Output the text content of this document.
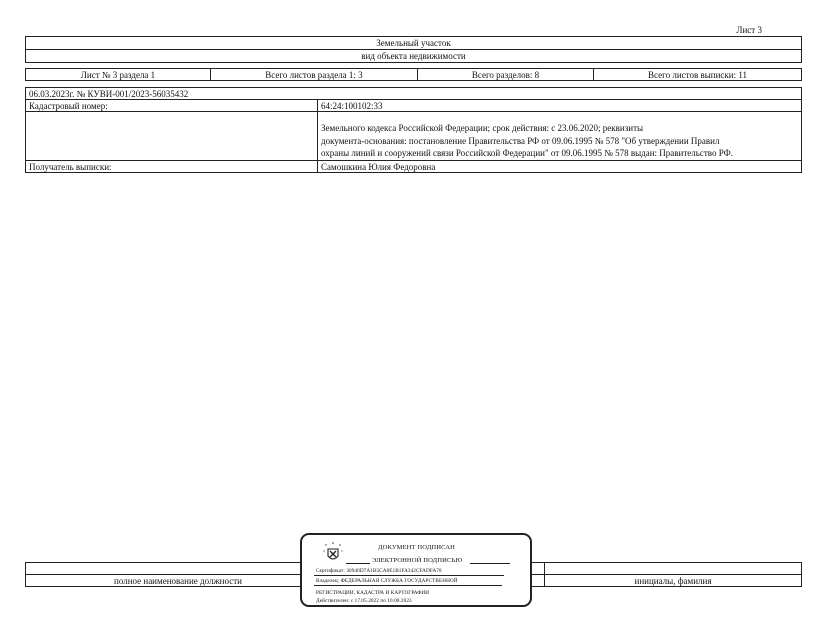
Лист 3
Земельный участок
вид объекта недвижимости
Лист № 3 раздела 1	Всего листов раздела 1: 3	Всего разделов: 8	Всего листов выписки: 11
06.03.2023г. № КУВИ-001/2023-56035432
Кадастровый номер:	64:24:100102:33
Земельного кодекса Российской Федерации; срок действия: с 23.06.2020; реквизиты
документа-основания: постановление Правительства РФ от 09.06.1995 № 578 "Об утверждении Правил
охраны линий и сооружений связи Российской Федерации" от 09.06.1995 № 578 выдан: Правительство РФ.
Получатель выписки:	Самошкина Юлия Федоровна
полное наименование должности	инициалы, фамилия
ДОКУМЕНТ ПОДПИСАН
ЭЛЕКТРОННОЙ ПОДПИСЬЮ
Сертификат: 30940D7A1B5CA8E1B1FA342CFADFA78
Владелец: ФЕДЕРАЛЬНАЯ СЛУЖБА ГОСУДАРСТВЕННОЙ
РЕГИСТРАЦИИ, КАДАСТРА И КАРТОГРАФИИ
Действителен: с 17.05.2022 по 10.08.2023
